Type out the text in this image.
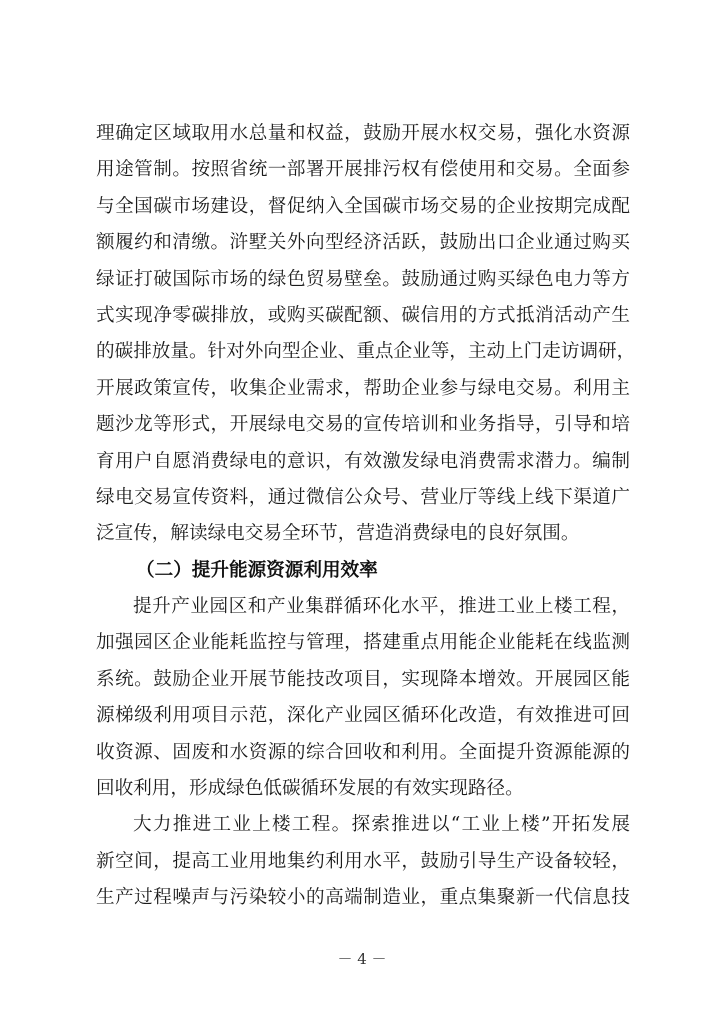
理确定区域取用水总量和权益，鼓励开展水权交易，强化水资源
用途管制。按照省统一部署开展排污权有偿使用和交易。全面参
与全国碳市场建设，督促纳入全国碳市场交易的企业按期完成配
额履约和清缴。浒墅关外向型经济活跃，鼓励出口企业通过购买
绿证打破国际市场的绿色贸易壁垒。鼓励通过购买绿色电力等方
式实现净零碳排放，或购买碳配额、碳信用的方式抵消活动产生
的碳排放量。针对外向型企业、重点企业等，主动上门走访调研，
开展政策宣传，收集企业需求，帮助企业参与绿电交易。利用主
题沙龙等形式，开展绿电交易的宣传培训和业务指导，引导和培
育用户自愿消费绿电的意识，有效激发绿电消费需求潜力。编制
绿电交易宣传资料，通过微信公众号、营业厅等线上线下渠道广
泛宣传，解读绿电交易全环节，营造消费绿电的良好氛围。
（二）提升能源资源利用效率
提升产业园区和产业集群循环化水平，推进工业上楼工程，
加强园区企业能耗监控与管理，搭建重点用能企业能耗在线监测
系统。鼓励企业开展节能技改项目，实现降本增效。开展园区能
源梯级利用项目示范，深化产业园区循环化改造，有效推进可回
收资源、固废和水资源的综合回收和利用。全面提升资源能源的
回收利用，形成绿色低碳循环发展的有效实现路径。
大力推进工业上楼工程。探索推进以“工业上楼”开拓发展
新空间，提高工业用地集约利用水平，鼓励引导生产设备较轻，
生产过程噪声与污染较小的高端制造业，重点集聚新一代信息技
－ 4 －
